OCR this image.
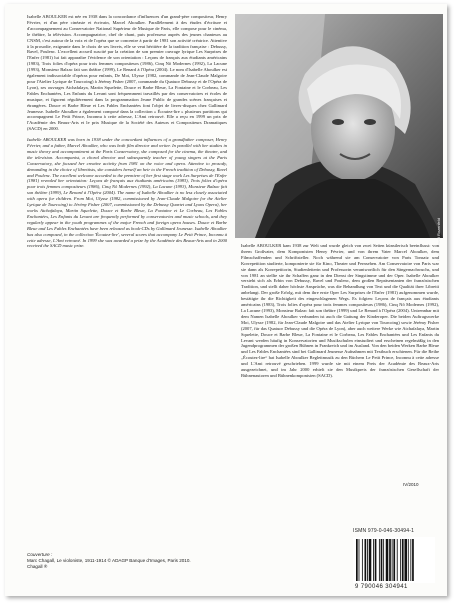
Isabelle ABOULKER est née en 1938 dans la concordance d'influences d'un grand-père compositeur, Henry Février, et d'un père cinéaste et écrivain, Marcel Aboulker. Parallèlement à des études d'écriture et d'accompagnement au Conservatoire National Supérieur de Musique de Paris, elle compose pour le cinéma, le théâtre, la télévision. Accompagnatrice, chef de chant, puis professeur auprès des jeunes chanteurs au CNSM, c'est autour de la voix et de l'opéra que se concentre à partir de 1981 son activité créatrice. Attentive à la prosodie, exigeante dans le choix de ses livrets, elle se veut héritière de la tradition française : Debussy, Ravel, Poulenc. L'excellent accueil suscité par la création de son premier ouvrage lyrique Les Surprises de l'Enfer (1981) lui fait apparaître l'évidence de son orientation : Leçons de français aux étudiants américains (1983), Trois folies d'opéra pour trois femmes compositeurs (1986), Cinq Nô Modernes (1992), La Lacune (1993), Monsieur Balzac fait son théâtre (1999), Le Renard à l'Opéra (2004). Le nom d'Isabelle Aboulker est également indissociable d'opéras pour enfants, De Moi, Ulysse (1982, commande de Jean-Claude Malgoire pour l'Atelier Lyrique de Tourcoing) à Jérémy Fisher (2007, commande du Quatuor Debussy et de l'Opéra de Lyon), ses ouvrages Atchafalaya, Martin Squelette, Douce et Barbe Bleue, La Fontaine et le Corbeau, Les Fables Enchantées, Les Enfants du Levant sont fréquemment travaillés par des conservatoires et écoles de musique, et figurent régulièrement dans la programmation Jeune Public de grandes scènes françaises et étrangères. Douce et Barbe Bleue et Les Fables Enchantées font l'objet de livres-disques chez Gallimard Jeunesse. Isabelle Aboulker a également composé dans la collection « Écoutez-lire » plusieurs partitions qui accompagnent Le Petit Prince, Inconnu à cette adresse, L'Ami retrouvé. Elle a reçu en 1999 un prix de l'Académie des Beaux-Arts et le prix Musique de la Société des Auteurs et Compositeurs Dramatiques (SACD) en 2000.

Isabelle ABOULKER was born in 1938 under the concordant influences of a grandfather composer, Henry Février, and a father, Marcel Aboulker, who was both film director and writer. In parallel with her studies in music theory and accompaniment at the Paris Conservatory, she composed for the cinema, the theatre, and the television. Accompanist, a choral director and subsequently teacher of young singers at the Paris Conservatory, she focused her creative activity from 1981 on the voice and opera. Attentive to prosody, demanding in the choice of librettists, she considers herself an heir to the French tradition of Debussy, Ravel and Poulenc. The excellent welcome accorded to the premiere of her first stage work Les Surprises de l'Enfer (1981) revealed her orientation: Leçons de français aux étudiants américains (1983), Trois folies d'opéra pour trois femmes compositeurs (1986), Cinq Nô Modernes (1992), La Lacune (1993), Monsieur Balzac fait son théâtre (1999), Le Renard à l'Opéra (2004). The name of Isabelle Aboulker is no less closely associated with opera for children. From Moi, Ulysse (1982, commissioned by Jean-Claude Malgoire for the Atelier Lyrique de Tourcoing) to Jérémy Fisher (2007, commissioned by the Debussy Quartet and Lyons Opera), her works Atchafalaya, Martin Squelette, Douce et Barbe Bleue, La Fontaine et Le Corbeau, Les Fables Enchantées, Les Enfants du Levant are frequently performed by conservatories and music schools, and they regularly appear in the youth programmes of the major French and foreign opera houses. Douce et Barbe Bleue and Les Fables Enchantées have been released as book-CDs by Gallimard Jeunesse. Isabelle Aboulker has also composed, in the collection 'Écoutez-lire', several scores that accompany Le Petit Prince, Inconnu à cette adresse, L'Ami retrouvé. In 1999 she was awarded a prize by the Académie des Beaux-Arts and in 2000 received the SACD music prize.	Photo : David Rozenfeld

Isabelle ABOULKER kam 1938 zur Welt und wurde gleich von zwei Seiten künstlerisch beeinflusst: von ihrem Großvater, dem Komponisten Henry Février, und von ihrem Vater Marcel Aboulker, dem Filmschaffenden und Schriftsteller. Noch während sie am Conservatoire von Paris Tonsatz und Korrepetition studierte, komponierte sie für Kino, Theater und Fernsehen. Am Conservatoire von Paris war sie dann als Korrepetitorin, Studienleiterin und Professorin verantwortlich für den Sängernachwuchs, und von 1981 an stellte sie ihr Schaffen ganz in den Dienst der Singstimme und der Oper. Isabelle Aboulker versteht sich als Erbin von Debussy, Ravel und Poulenc, dem großen Repräsentanten der französischen Tradition, und stellt daher höchste Ansprüche, was die Behandlung von Text und die Qualität ihrer Libretti anbelangt. Der große Erfolg, mit dem ihre erste Oper Les Surprises de l'Enfer (1981) aufgenommen wurde, bestätigte ihr die Richtigkeit des eingeschlagenen Wegs. Es folgten: Leçons de français aux étudiants américains (1983), Trois folies d'opéra pour trois femmes compositeurs (1986), Cinq Nô Modernes (1992), La Lacune (1993), Monsieur Balzac fait son théâtre (1999) und Le Renard à l'Opéra (2004). Untrennbar mit dem Namen Isabelle Aboulker verbunden ist auch die Gattung der Kinderoper. Die beiden Auftragswerke Moi, Ulysse (1982, für Jean-Claude Malgoire und das Atelier Lyrique von Tourcoing) sowie Jérémy Fisher (2007, für das Quatuor Debussy und die Opéra de Lyon), aber auch weitere Werke wie Atchafalaya, Martin Squelette, Douce et Barbe Bleue, La Fontaine et le Corbeau, Les Fables Enchantées und Les Enfants du Levant werden häufig in Konservatorien und Musikschulen einstudiert und erscheinen regelmäßig in den Jugendprogrammen der großen Bühnen in Frankreich und im Ausland. Von den beiden Werken Barbe Bleue und Les Fables Enchantées sind bei Gallimard Jeunesse Aufnahmen mit Textbuch erschienen. Für die Reihe „Écoutez-lire“ hat Isabelle Aboulker Begleitmusik zu den Büchern Le Petit Prince, Inconnu à cette adresse und L'Ami retrouvé geschrieben. 1999 wurde sie mit einem Preis der Académie des Beaux-Arts ausgezeichnet, und im Jahr 2000 erhielt sie den Musikpreis der französischen Gesellschaft der Bühnenautoren und Bühnenkomponisten (SACD).

IV/2010
Couverture :
Marc Chagall, Le violoniste, 1911-1914 © ADAGP Banque d'Images, Paris 2010.
Chagall ®
ISMN 979-0-046-30494-1
9 790046 304941
